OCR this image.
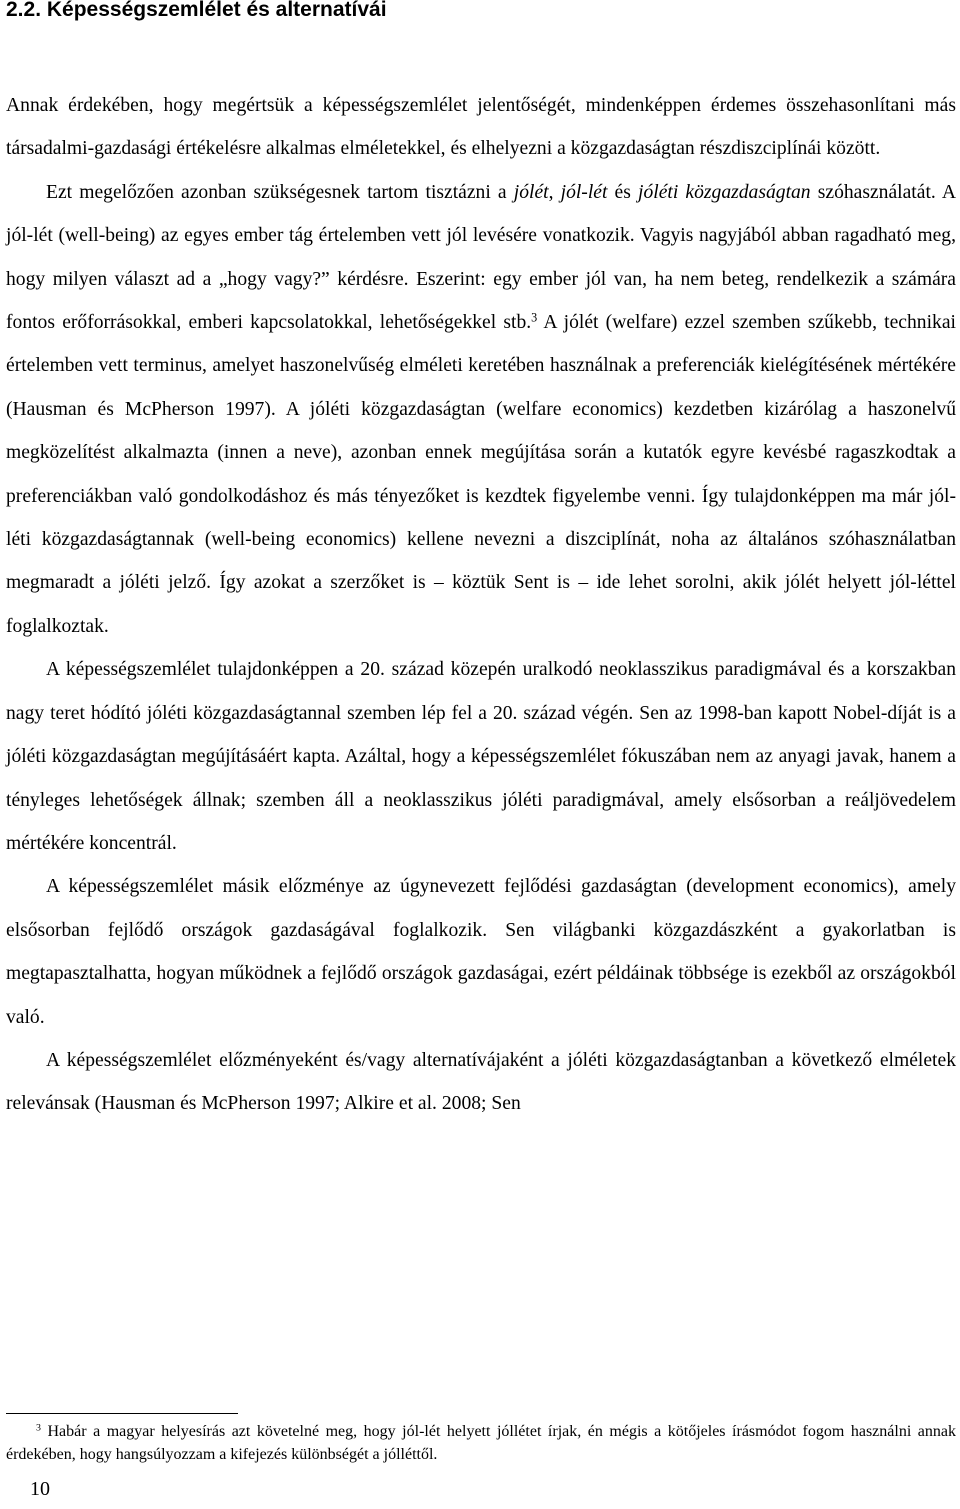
2.2. Képességszemlélet és alternatívái

Annak érdekében, hogy megértsük a képességszemlélet jelentőségét, mindenképpen érdemes összehasonlítani más társadalmi-gazdasági értékelésre alkalmas elméletekkel, és elhelyezni a közgazdaságtan részdiszciplínái között.

Ezt megelőzően azonban szükségesnek tartom tisztázni a jólét, jól-lét és jóléti közgazdaságtan szóhasználatát. A jól-lét (well-being) az egyes ember tág értelemben vett jól levésére vonatkozik. Vagyis nagyjából abban ragadható meg, hogy milyen választ ad a „hogy vagy?” kérdésre. Eszerint: egy ember jól van, ha nem beteg, rendelkezik a számára fontos erőforrásokkal, emberi kapcsolatokkal, lehetőségekkel stb.$^3$ A jólét (welfare) ezzel szemben szűkebb, technikai értelemben vett terminus, amelyet haszonelvűség elméleti keretében használnak a preferenciák kielégítésének mértékére (Hausman és McPherson 1997). A jóléti közgazdaságtan (welfare economics) kezdetben kizárólag a haszonelvű megközelítést alkalmazta (innen a neve), azonban ennek megújítása során a kutatók egyre kevésbé ragaszkodtak a preferenciákban való gondolkodáshoz és más tényezőket is kezdtek figyelembe venni. Így tulajdonképpen ma már jól-léti közgazdaságtannak (well-being economics) kellene nevezni a diszciplínát, noha az általános szóhasználatban megmaradt a jóléti jelző. Így azokat a szerzőket is – köztük Sent is – ide lehet sorolni, akik jólét helyett jól-léttel foglalkoztak.

A képességszemlélet tulajdonképpen a 20. század közepén uralkodó neoklasszikus paradigmával és a korszakban nagy teret hódító jóléti közgazdaságtannal szemben lép fel a 20. század végén. Sen az 1998-ban kapott Nobel-díját is a jóléti közgazdaságtan megújításáért kapta. Azáltal, hogy a képességszemlélet fókuszában nem az anyagi javak, hanem a tényleges lehetőségek állnak; szemben áll a neoklasszikus jóléti paradigmával, amely elsősorban a reáljövedelem mértékére koncentrál.

A képességszemlélet másik előzménye az úgynevezett fejlődési gazdaságtan (development economics), amely elsősorban fejlődő országok gazdaságával foglalkozik. Sen világbanki közgazdászként a gyakorlatban is megtapasztalhatta, hogyan működnek a fejlődő országok gazdaságai, ezért példáinak többsége is ezekből az országokból való.

A képességszemlélet előzményeként és/vagy alternatívájaként a jóléti közgazdaságtanban a következő elméletek relevánsak (Hausman és McPherson 1997; Alkire et al. 2008; Sen

$^3$ Habár a magyar helyesírás azt követelné meg, hogy jól-lét helyett jóllétet írjak, én mégis a kötőjeles írásmódot fogom használni annak érdekében, hogy hangsúlyozzam a kifejezés különbségét a jólléttől.

10
